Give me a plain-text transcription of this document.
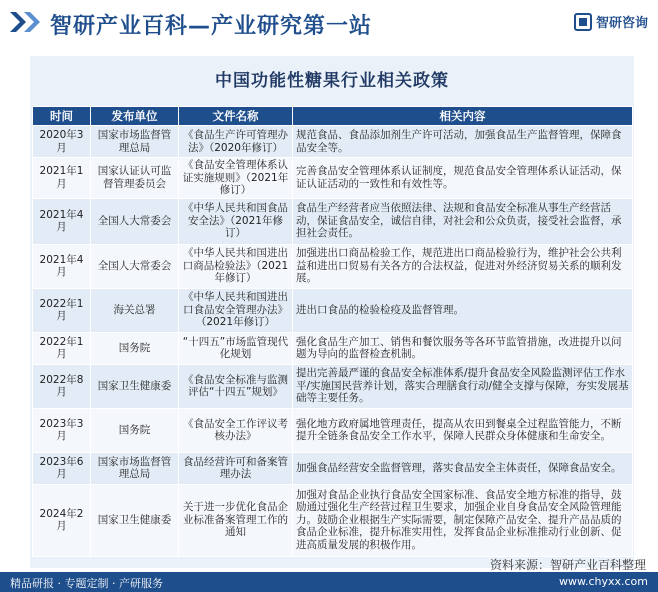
智研产业百科—产业研究第一站	智研咨询
中国功能性糖果行业相关政策
时间	发布单位	文件名称	相关内容
2020年3月	国家市场监督管理总局	《食品生产许可管理办法》（2020年修订）	规范食品、食品添加剂生产许可活动，加强食品生产监督管理，保障食品安全等。
2021年1月	国家认证认可监督管理委员会	《食品安全管理体系认证实施规则》（2021年修订）	完善食品安全管理体系认证制度，规范食品安全管理体系认证活动，保证认证活动的一致性和有效性等。
2021年4月	全国人大常委会	《中华人民共和国食品安全法》（2021年修订）	食品生产经营者应当依照法律、法规和食品安全标准从事生产经营活动，保证食品安全，诚信自律，对社会和公众负责，接受社会监督，承担社会责任。
2021年4月	全国人大常委会	《中华人民共和国进出口商品检验法》（2021年修订）	加强进出口商品检验工作，规范进出口商品检验行为，维护社会公共利益和进出口贸易有关各方的合法权益，促进对外经济贸易关系的顺利发展。
2022年1月	海关总署	《中华人民共和国进出口食品安全管理办法》（2021年修订）	进出口食品的检验检疫及监督管理。
2022年1月	国务院	“十四五”市场监管现代化规划	强化食品生产加工、销售和餐饮服务等各环节监管措施，改进提升以问题为导向的监督检查机制。
2022年8月	国家卫生健康委	《食品安全标准与监测评估“十四五”规划》	提出完善最严谨的食品安全标准体系/提升食品安全风险监测评估工作水平/实施国民营养计划，落实合理膳食行动/健全支撑与保障，夯实发展基础等主要任务。
2023年3月	国务院	《食品安全工作评议考核办法》	强化地方政府属地管理责任，提高从农田到餐桌全过程监管能力，不断提升全链条食品安全工作水平，保障人民群众身体健康和生命安全。
2023年6月	国家市场监督管理总局	食品经营许可和备案管理办法	加强食品经营安全监督管理，落实食品安全主体责任，保障食品安全。
2024年2月	国家卫生健康委	关于进一步优化食品企业标准备案管理工作的通知	加强对食品企业执行食品安全国家标准、食品安全地方标准的指导，鼓励通过强化生产经营过程卫生要求，加强企业自身食品安全风险管理能力。鼓励企业根据生产实际需要，制定保障产品安全、提升产品品质的食品企业标准，提升标准实用性，发挥食品企业标准推动行业创新、促进高质量发展的积极作用。
资料来源：智研产业百科整理
精品研报 · 专题定制 · 产研服务	www.chyxx.com
